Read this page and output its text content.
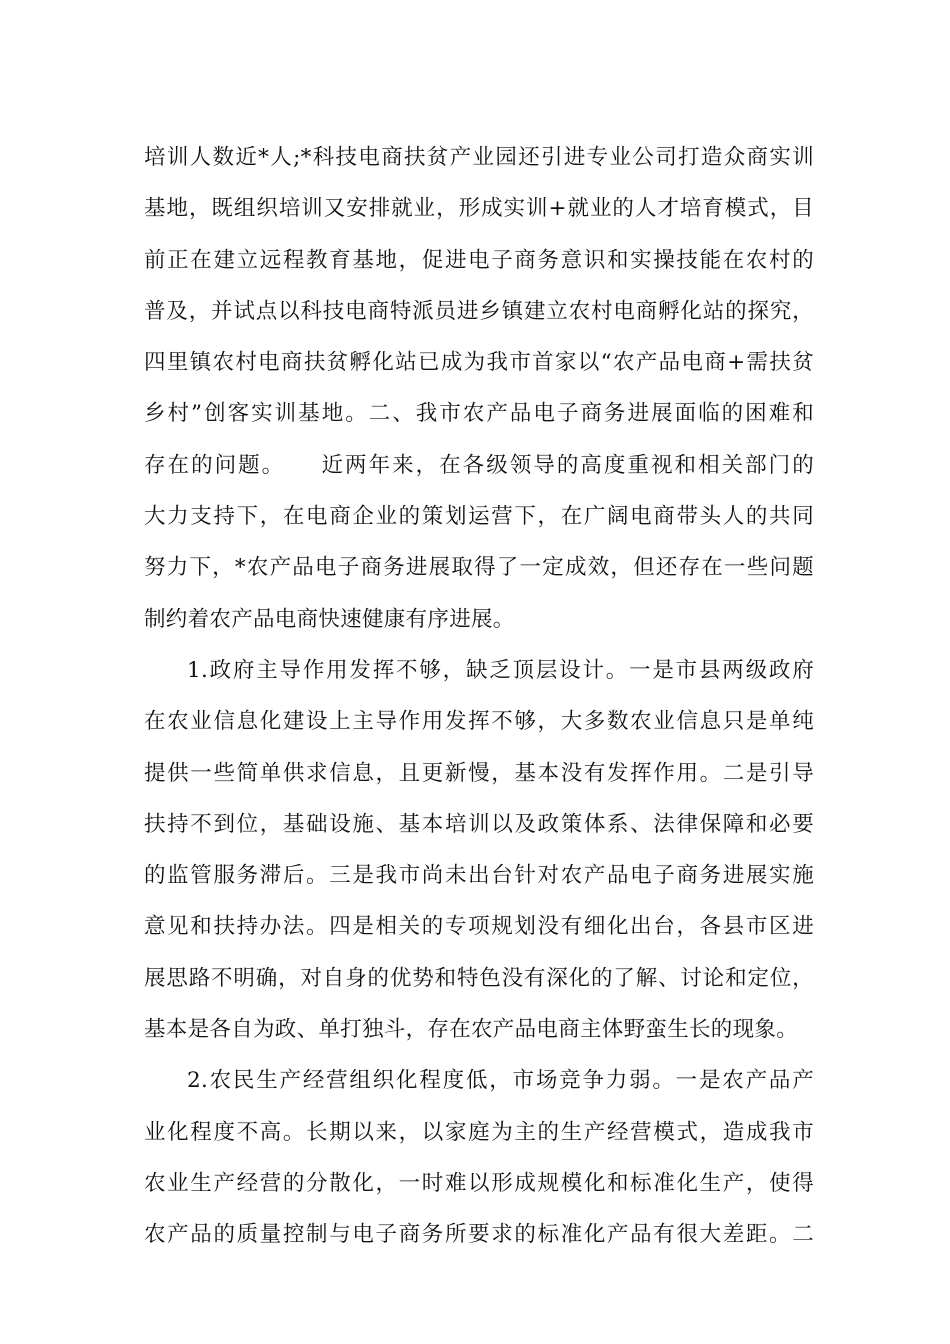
培训人数近*人;*科技电商扶贫产业园还引进专业公司打造众商实训
基地，既组织培训又安排就业，形成实训+就业的人才培育模式，目
前正在建立远程教育基地，促进电子商务意识和实操技能在农村的
普及，并试点以科技电商特派员进乡镇建立农村电商孵化站的探究，
四里镇农村电商扶贫孵化站已成为我市首家以“农产品电商+需扶贫
乡村”创客实训基地。二、我市农产品电子商务进展面临的困难和
存在的问题。　　近两年来，在各级领导的高度重视和相关部门的
大力支持下，在电商企业的策划运营下，在广阔电商带头人的共同
努力下，*农产品电子商务进展取得了一定成效，但还存在一些问题
制约着农产品电商快速健康有序进展。
1.政府主导作用发挥不够，缺乏顶层设计。一是市县两级政府
在农业信息化建设上主导作用发挥不够，大多数农业信息只是单纯
提供一些简单供求信息，且更新慢，基本没有发挥作用。二是引导
扶持不到位，基础设施、基本培训以及政策体系、法律保障和必要
的监管服务滞后。三是我市尚未出台针对农产品电子商务进展实施
意见和扶持办法。四是相关的专项规划没有细化出台，各县市区进
展思路不明确，对自身的优势和特色没有深化的了解、讨论和定位，
基本是各自为政、单打独斗，存在农产品电商主体野蛮生长的现象。
2.农民生产经营组织化程度低，市场竞争力弱。一是农产品产
业化程度不高。长期以来，以家庭为主的生产经营模式，造成我市
农业生产经营的分散化，一时难以形成规模化和标准化生产，使得
农产品的质量控制与电子商务所要求的标准化产品有很大差距。二
